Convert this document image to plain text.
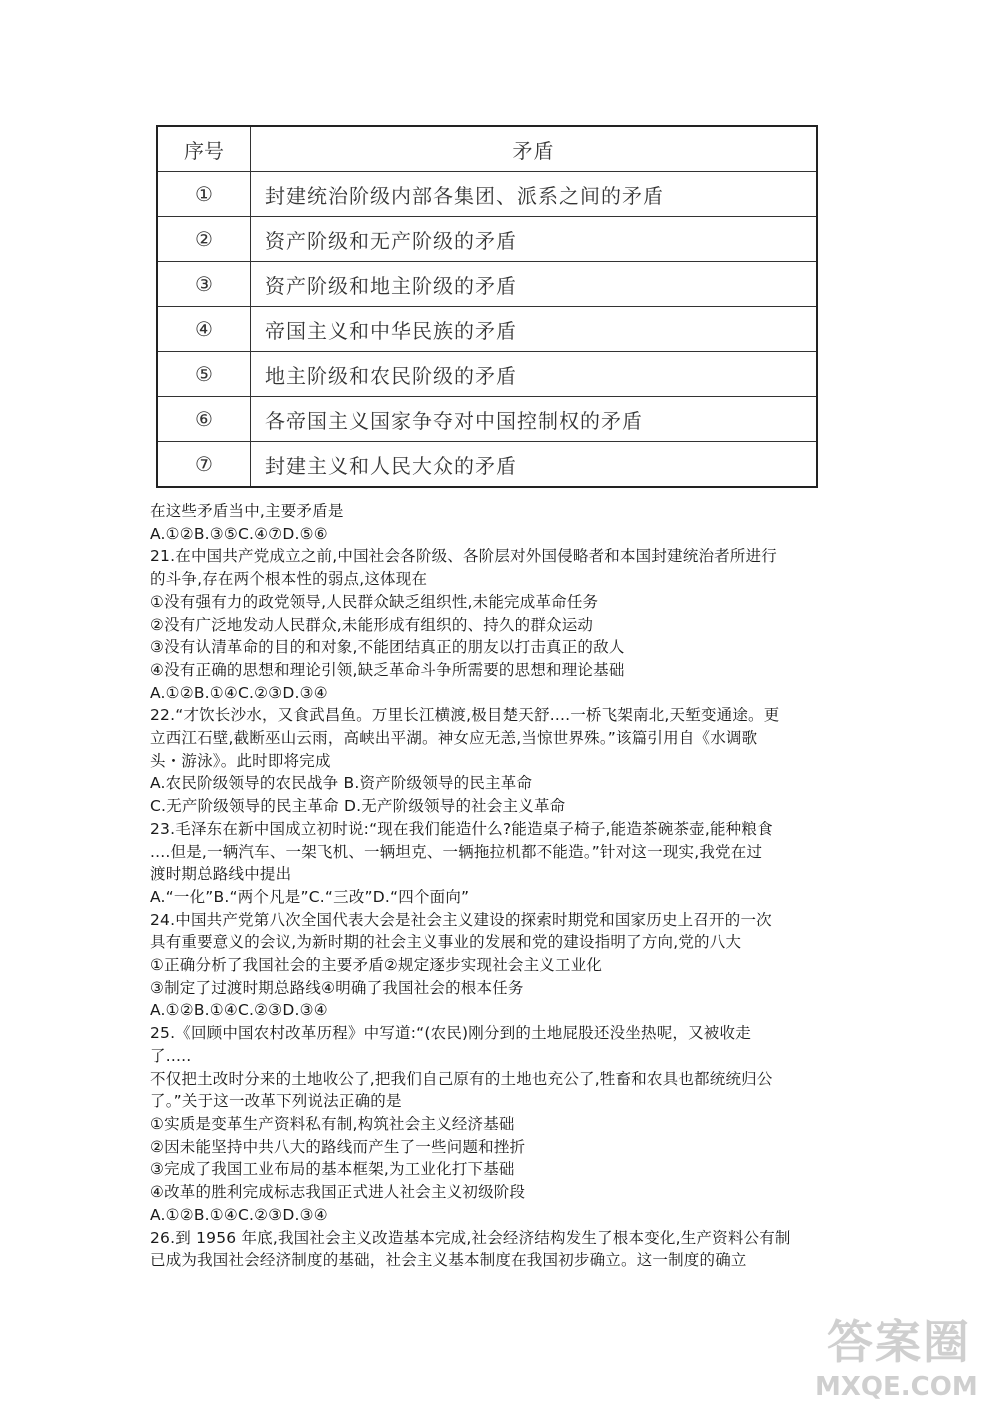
序号	矛盾
①	封建统治阶级内部各集团、派系之间的矛盾
②	资产阶级和无产阶级的矛盾
③	资产阶级和地主阶级的矛盾
④	帝国主义和中华民族的矛盾
⑤	地主阶级和农民阶级的矛盾
⑥	各帝国主义国家争夺对中国控制权的矛盾
⑦	封建主义和人民大众的矛盾

在这些矛盾当中,主要矛盾是

A.①②B.③⑤C.④⑦D.⑤⑥

21.在中国共产党成立之前,中国社会各阶级、各阶层对外国侵略者和本国封建统治者所进行

的斗争,存在两个根本性的弱点,这体现在

①没有强有力的政党领导,人民群众缺乏组织性,未能完成革命任务

②没有广泛地发动人民群众,未能形成有组织的、持久的群众运动

③没有认清革命的目的和对象,不能团结真正的朋友以打击真正的敌人

④没有正确的思想和理论引领,缺乏革命斗争所需要的思想和理论基础

A.①②B.①④C.②③D.③④

22.“才饮长沙水，又食武昌鱼。万里长江横渡,极目楚天舒....一桥飞架南北,天堑变通途。更

立西江石壁,截断巫山云雨，高峡出平湖。神女应无恙,当惊世界殊。”该篇引用自《水调歌

头・游泳》。此时即将完成

A.农民阶级领导的农民战争 B.资产阶级领导的民主革命

C.无产阶级领导的民主革命 D.无产阶级领导的社会主义革命

23.毛泽东在新中国成立初时说:“现在我们能造什么?能造桌子椅子,能造茶碗茶壶,能种粮食

....但是,一辆汽车、一架飞机、一辆坦克、一辆拖拉机都不能造。”针对这一现实,我党在过

渡时期总路线中提出

A.“一化”B.“两个凡是”C.“三改”D.“四个面向”

24.中国共产党第八次全国代表大会是社会主义建设的探索时期党和国家历史上召开的一次

具有重要意义的会议,为新时期的社会主义事业的发展和党的建设指明了方向,党的八大

①正确分析了我国社会的主要矛盾②规定逐步实现社会主义工业化

③制定了过渡时期总路线④明确了我国社会的根本任务

A.①②B.①④C.②③D.③④

25.《回顾中国农村改革历程》中写道:“(农民)刚分到的土地屁股还没坐热呢，又被收走

了.....

不仅把土改时分来的土地收公了,把我们自己原有的土地也充公了,牲畜和农具也都统统归公

了。”关于这一改革下列说法正确的是

①实质是变革生产资料私有制,构筑社会主义经济基础

②因未能坚持中共八大的路线而产生了一些问题和挫折

③完成了我国工业布局的基本框架,为工业化打下基础

④改革的胜利完成标志我国正式进人社会主义初级阶段

A.①②B.①④C.②③D.③④

26.到 1956 年底,我国社会主义改造基本完成,社会经济结构发生了根本变化,生产资料公有制

已成为我国社会经济制度的基础，社会主义基本制度在我国初步确立。这一制度的确立

答案圈
MXQE.COM
